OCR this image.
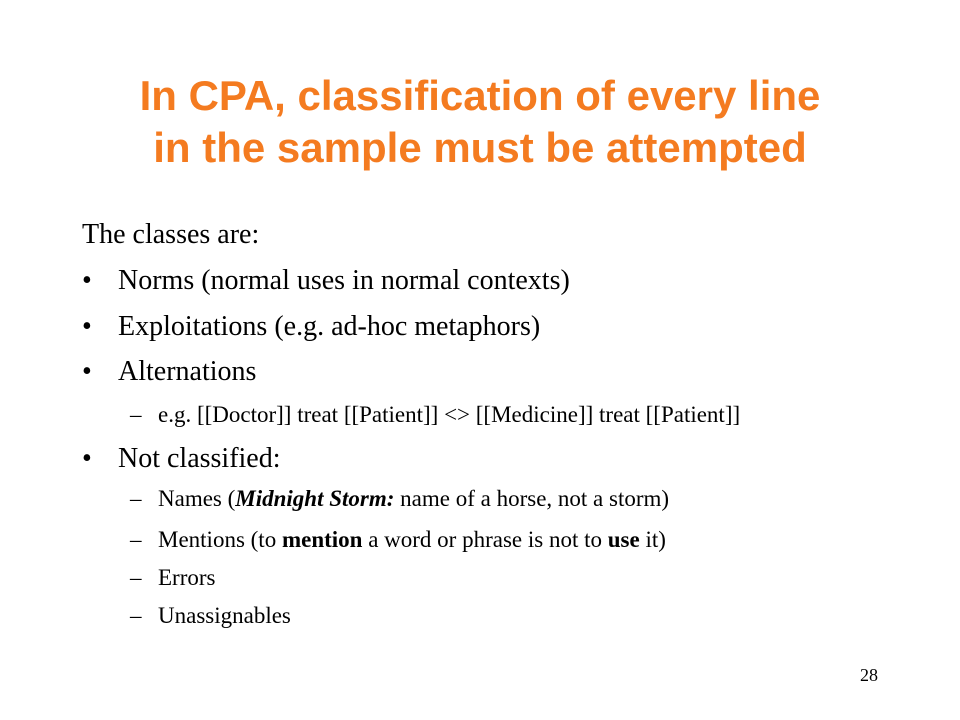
In CPA, classification of every line
in the sample must be attempted
The classes are:
• Norms (normal uses in normal contexts)
• Exploitations (e.g. ad-hoc metaphors)
• Alternations
– e.g. [[Doctor]] treat [[Patient]] <> [[Medicine]] treat [[Patient]]
• Not classified:
– Names (Midnight Storm: name of a horse, not a storm)
– Mentions (to mention a word or phrase is not to use it)
– Errors
– Unassignables
28
